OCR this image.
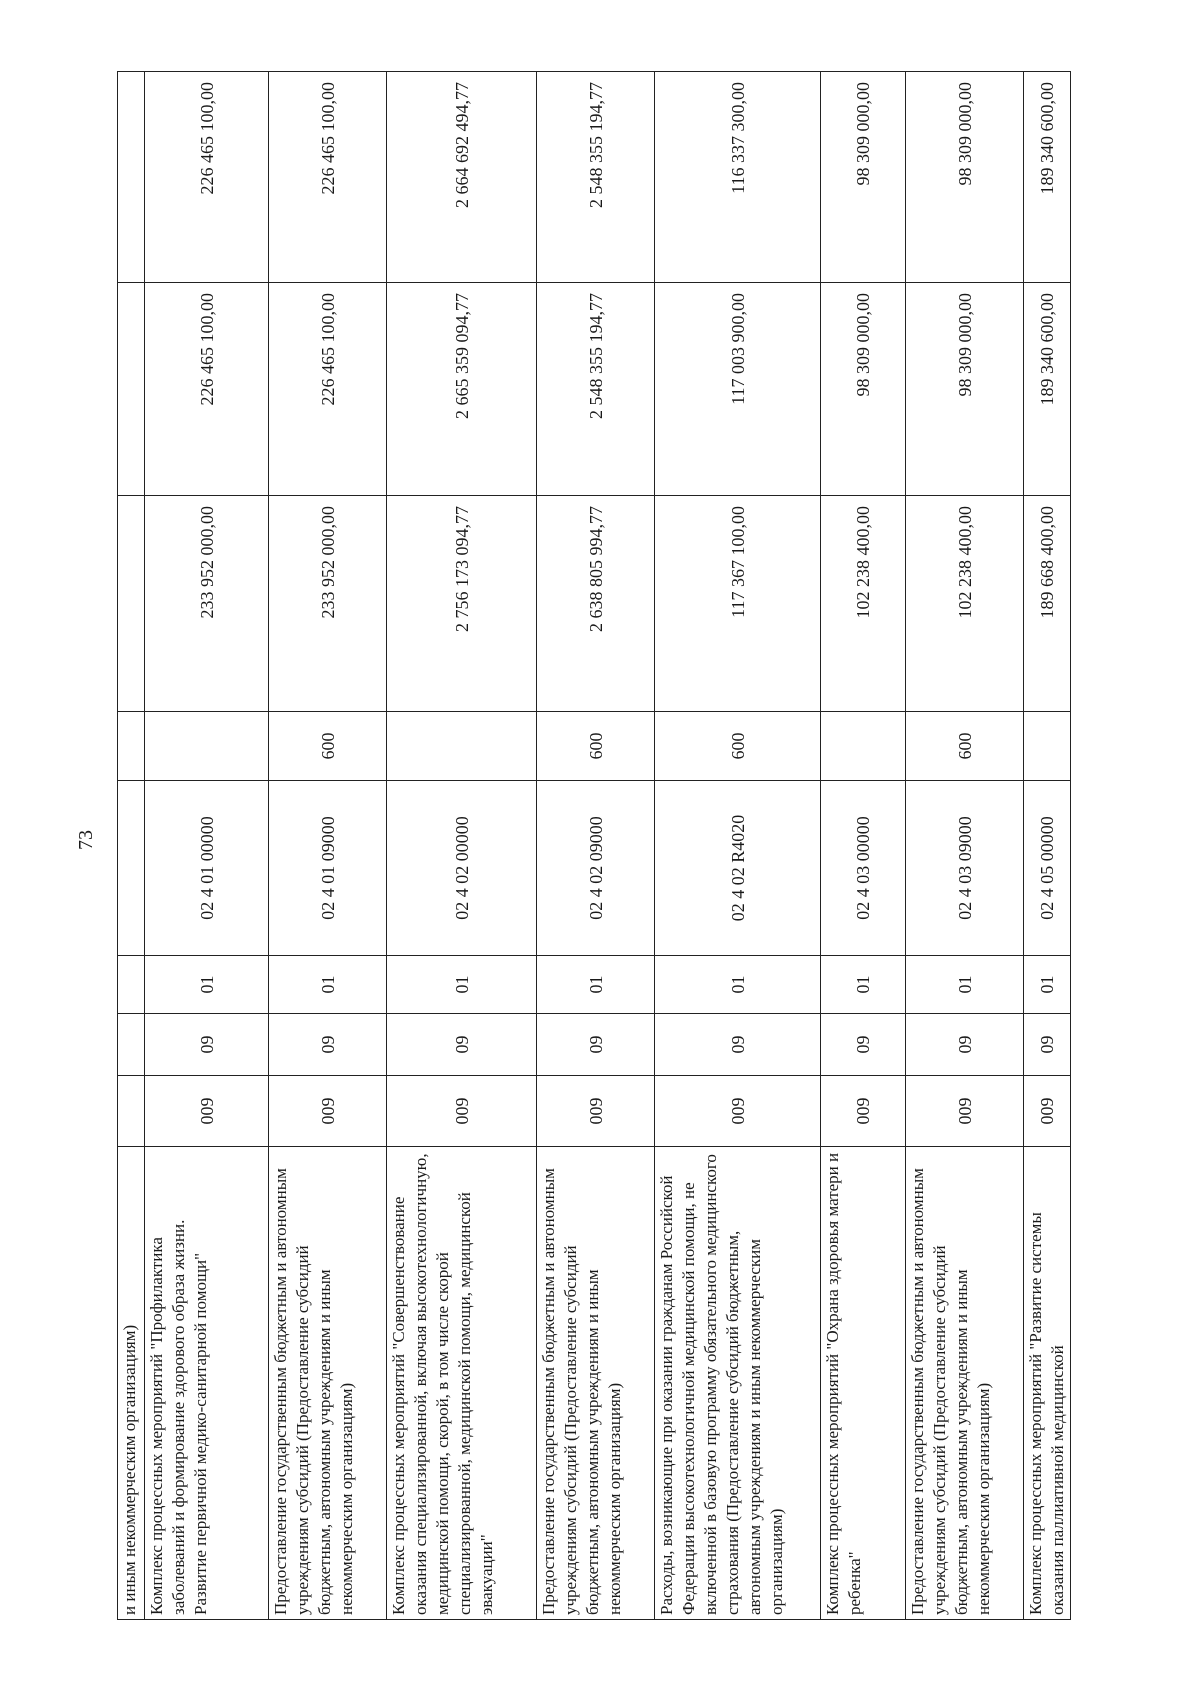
73
и иным некоммерческим организациям)								
Комплекс процессных мероприятий "Профилактика заболеваний и формирование здорового образа жизни. Развитие первичной медико-санитарной помощи"	009	09	01	02 4 01 00000		233 952 000,00	226 465 100,00	226 465 100,00
Предоставление государственным бюджетным и автономным учреждениям субсидий (Предоставление субсидий бюджетным, автономным учреждениям и иным некоммерческим организациям)	009	09	01	02 4 01 09000	600	233 952 000,00	226 465 100,00	226 465 100,00
Комплекс процессных мероприятий "Совершенствование оказания специализированной, включая высокотехнологичную, медицинской помощи, скорой, в том числе скорой специализированной, медицинской помощи, медицинской эвакуации"	009	09	01	02 4 02 00000		2 756 173 094,77	2 665 359 094,77	2 664 692 494,77
Предоставление государственным бюджетным и автономным учреждениям субсидий (Предоставление субсидий бюджетным, автономным учреждениям и иным некоммерческим организациям)	009	09	01	02 4 02 09000	600	2 638 805 994,77	2 548 355 194,77	2 548 355 194,77
Расходы, возникающие при оказании гражданам Российской Федерации высокотехнологичной медицинской помощи, не включенной в базовую программу обязательного медицинского страхования (Предоставление субсидий бюджетным, автономным учреждениям и иным некоммерческим организациям)	009	09	01	02 4 02 R4020	600	117 367 100,00	117 003 900,00	116 337 300,00
Комплекс процессных мероприятий "Охрана здоровья матери и ребенка"	009	09	01	02 4 03 00000		102 238 400,00	98 309 000,00	98 309 000,00
Предоставление государственным бюджетным и автономным учреждениям субсидий (Предоставление субсидий бюджетным, автономным учреждениям и иным некоммерческим организациям)	009	09	01	02 4 03 09000	600	102 238 400,00	98 309 000,00	98 309 000,00
Комплекс процессных мероприятий "Развитие системы оказания паллиативной медицинской	009	09	01	02 4 05 00000		189 668 400,00	189 340 600,00	189 340 600,00
